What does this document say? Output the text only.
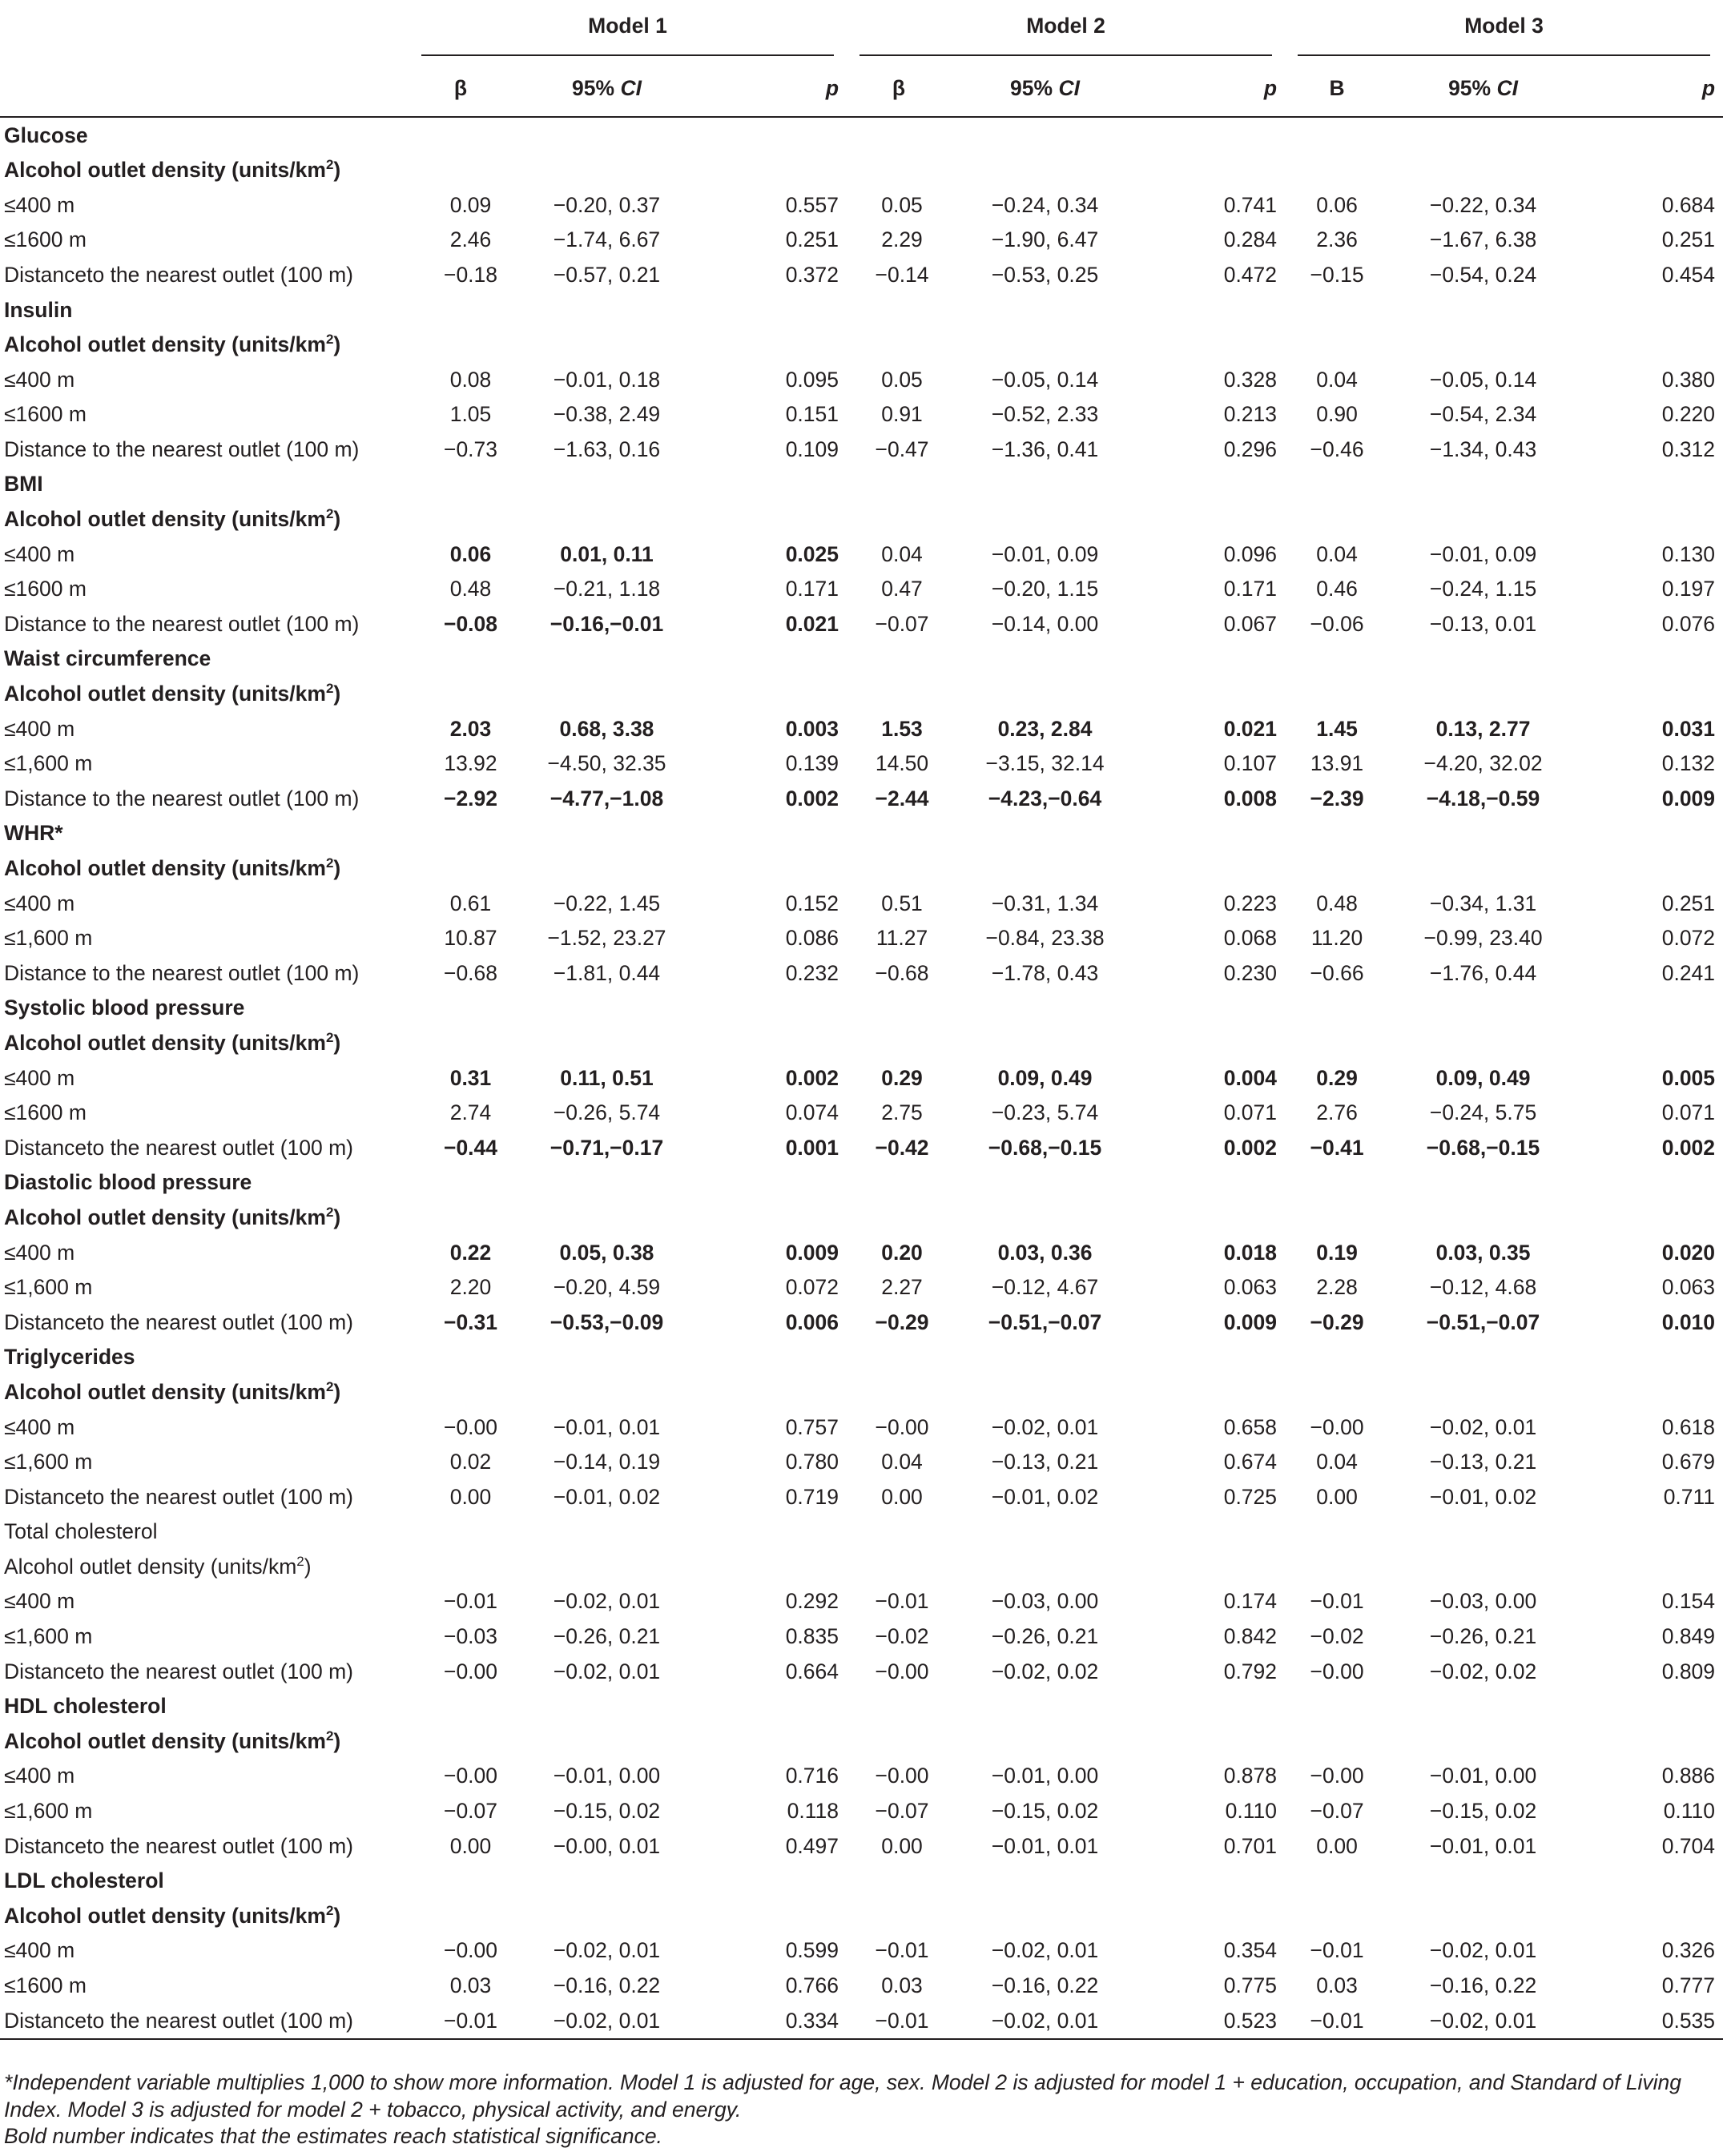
	Model 1			Model 2			Model 3		

	β	95% CI	p	β	95% CI	p	B	95% CI	p
Glucose									
Alcohol outlet density $(units/km^2)$									
≤400 m	0.09	−0.20, 0.37	0.557	0.05	−0.24, 0.34	0.741	0.06	−0.22, 0.34	0.684
≤1600 m	2.46	−1.74, 6.67	0.251	2.29	−1.90, 6.47	0.284	2.36	−1.67, 6.38	0.251
Distanceto the nearest outlet (100 m)	−0.18	−0.57, 0.21	0.372	−0.14	−0.53, 0.25	0.472	−0.15	−0.54, 0.24	0.454
Insulin									
Alcohol outlet density $(units/km^2)$									
≤400 m	0.08	−0.01, 0.18	0.095	0.05	−0.05, 0.14	0.328	0.04	−0.05, 0.14	0.380
≤1600 m	1.05	−0.38, 2.49	0.151	0.91	−0.52, 2.33	0.213	0.90	−0.54, 2.34	0.220
Distance to the nearest outlet (100 m)	−0.73	−1.63, 0.16	0.109	−0.47	−1.36, 0.41	0.296	−0.46	−1.34, 0.43	0.312
BMI									
Alcohol outlet density $(units/km^2)$									
≤400 m	0.06	0.01, 0.11	0.025	0.04	−0.01, 0.09	0.096	0.04	−0.01, 0.09	0.130
≤1600 m	0.48	−0.21, 1.18	0.171	0.47	−0.20, 1.15	0.171	0.46	−0.24, 1.15	0.197
Distance to the nearest outlet (100 m)	−0.08	−0.16,−0.01	0.021	−0.07	−0.14, 0.00	0.067	−0.06	−0.13, 0.01	0.076
Waist circumference									
Alcohol outlet density $(units/km^2)$									
≤400 m	2.03	0.68, 3.38	0.003	1.53	0.23, 2.84	0.021	1.45	0.13, 2.77	0.031
≤1,600 m	13.92	−4.50, 32.35	0.139	14.50	−3.15, 32.14	0.107	13.91	−4.20, 32.02	0.132
Distance to the nearest outlet (100 m)	−2.92	−4.77,−1.08	0.002	−2.44	−4.23,−0.64	0.008	−2.39	−4.18,−0.59	0.009
WHR*									
Alcohol outlet density $(units/km^2)$									
≤400 m	0.61	−0.22, 1.45	0.152	0.51	−0.31, 1.34	0.223	0.48	−0.34, 1.31	0.251
≤1,600 m	10.87	−1.52, 23.27	0.086	11.27	−0.84, 23.38	0.068	11.20	−0.99, 23.40	0.072
Distance to the nearest outlet (100 m)	−0.68	−1.81, 0.44	0.232	−0.68	−1.78, 0.43	0.230	−0.66	−1.76, 0.44	0.241
Systolic blood pressure									
Alcohol outlet density $(units/km^2)$									
≤400 m	0.31	0.11, 0.51	0.002	0.29	0.09, 0.49	0.004	0.29	0.09, 0.49	0.005
≤1600 m	2.74	−0.26, 5.74	0.074	2.75	−0.23, 5.74	0.071	2.76	−0.24, 5.75	0.071
Distanceto the nearest outlet (100 m)	−0.44	−0.71,−0.17	0.001	−0.42	−0.68,−0.15	0.002	−0.41	−0.68,−0.15	0.002
Diastolic blood pressure									
Alcohol outlet density $(units/km^2)$									
≤400 m	0.22	0.05, 0.38	0.009	0.20	0.03, 0.36	0.018	0.19	0.03, 0.35	0.020
≤1,600 m	2.20	−0.20, 4.59	0.072	2.27	−0.12, 4.67	0.063	2.28	−0.12, 4.68	0.063
Distanceto the nearest outlet (100 m)	−0.31	−0.53,−0.09	0.006	−0.29	−0.51,−0.07	0.009	−0.29	−0.51,−0.07	0.010
Triglycerides									
Alcohol outlet density $(units/km^2)$									
≤400 m	−0.00	−0.01, 0.01	0.757	−0.00	−0.02, 0.01	0.658	−0.00	−0.02, 0.01	0.618
≤1,600 m	0.02	−0.14, 0.19	0.780	0.04	−0.13, 0.21	0.674	0.04	−0.13, 0.21	0.679
Distanceto the nearest outlet (100 m)	0.00	−0.01, 0.02	0.719	0.00	−0.01, 0.02	0.725	0.00	−0.01, 0.02	0.711
Total cholesterol									
Alcohol outlet density $(units/km^2)$									
≤400 m	−0.01	−0.02, 0.01	0.292	−0.01	−0.03, 0.00	0.174	−0.01	−0.03, 0.00	0.154
≤1,600 m	−0.03	−0.26, 0.21	0.835	−0.02	−0.26, 0.21	0.842	−0.02	−0.26, 0.21	0.849
Distanceto the nearest outlet (100 m)	−0.00	−0.02, 0.01	0.664	−0.00	−0.02, 0.02	0.792	−0.00	−0.02, 0.02	0.809
HDL cholesterol									
Alcohol outlet density $(units/km^2)$									
≤400 m	−0.00	−0.01, 0.00	0.716	−0.00	−0.01, 0.00	0.878	−0.00	−0.01, 0.00	0.886
≤1,600 m	−0.07	−0.15, 0.02	0.118	−0.07	−0.15, 0.02	0.110	−0.07	−0.15, 0.02	0.110
Distanceto the nearest outlet (100 m)	0.00	−0.00, 0.01	0.497	0.00	−0.01, 0.01	0.701	0.00	−0.01, 0.01	0.704
LDL cholesterol									
Alcohol outlet density $(units/km^2)$									
≤400 m	−0.00	−0.02, 0.01	0.599	−0.01	−0.02, 0.01	0.354	−0.01	−0.02, 0.01	0.326
≤1600 m	0.03	−0.16, 0.22	0.766	0.03	−0.16, 0.22	0.775	0.03	−0.16, 0.22	0.777
Distanceto the nearest outlet (100 m)	−0.01	−0.02, 0.01	0.334	−0.01	−0.02, 0.01	0.523	−0.01	−0.02, 0.01	0.535

*Independent variable multiplies 1,000 to show more information. Model 1 is adjusted for age, sex. Model 2 is adjusted for model 1 + education, occupation, and Standard of Living Index. Model 3 is adjusted for model 2 + tobacco, physical activity, and energy.

Bold number indicates that the estimates reach statistical significance.
